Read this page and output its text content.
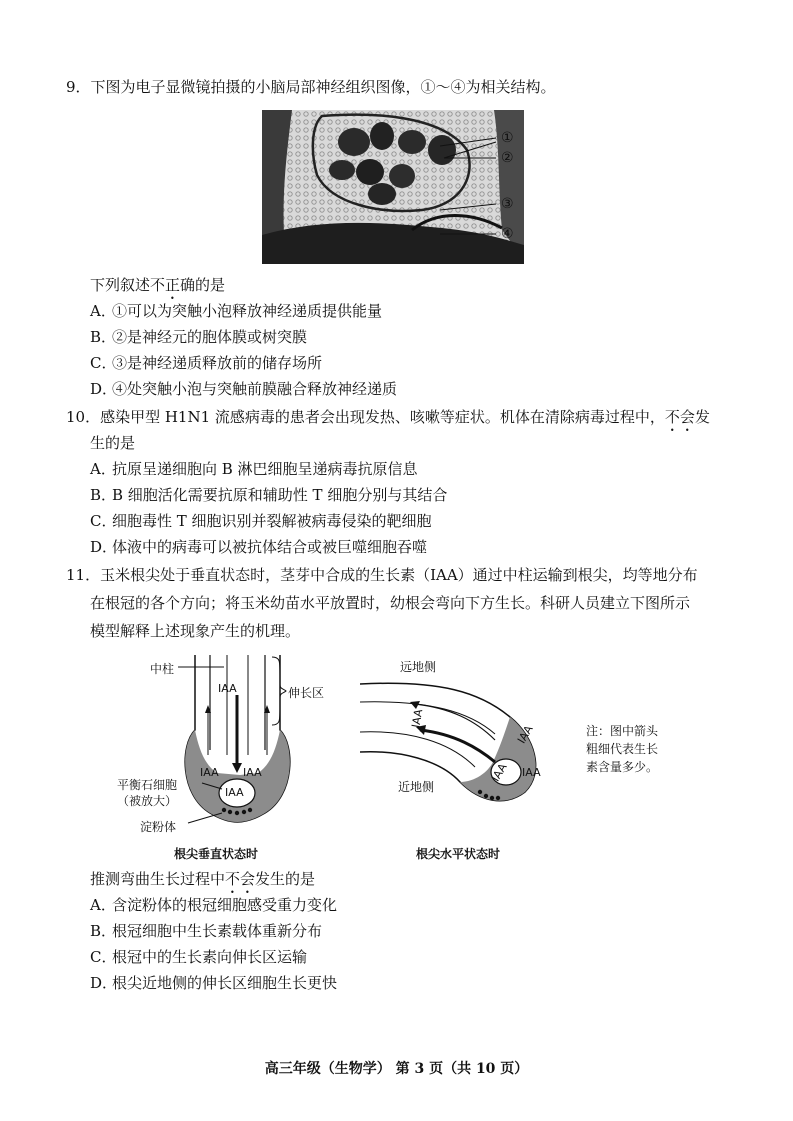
9．下图为电子显微镜拍摄的小脑局部神经组织图像，①～④为相关结构。
①
②
③
④
下列叙述不正确的是
A．①可以为突触小泡释放神经递质提供能量
B．②是神经元的胞体膜或树突膜
C．③是神经递质释放前的储存场所
D．④处突触小泡与突触前膜融合释放神经递质
10．感染甲型 H1N1 流感病毒的患者会出现发热、咳嗽等症状。机体在清除病毒过程中，不会发
生的是
A．抗原呈递细胞向 B 淋巴细胞呈递病毒抗原信息
B．B 细胞活化需要抗原和辅助性 T 细胞分别与其结合
C．细胞毒性 T 细胞识别并裂解被病毒侵染的靶细胞
D．体液中的病毒可以被抗体结合或被巨噬细胞吞噬
11．玉米根尖处于垂直状态时，茎芽中合成的生长素（IAA）通过中柱运输到根尖，均等地分布
在根冠的各个方向；将玉米幼苗水平放置时，幼根会弯向下方生长。科研人员建立下图所示
模型解释上述现象产生的机理。
中柱
伸长区
IAA
IAA IAA
IAA
平衡石细胞
（被放大）
淀粉体
根尖垂直状态时
远地侧
近地侧
IAA
IAA
IAA IAA
根尖水平状态时
注：图中箭头
粗细代表生长
素含量多少。
推测弯曲生长过程中不会发生的是
A．含淀粉体的根冠细胞感受重力变化
B．根冠细胞中生长素载体重新分布
C．根冠中的生长素向伸长区运输
D．根尖近地侧的伸长区细胞生长更快
高三年级（生物学） 第 3 页（共 10 页）
